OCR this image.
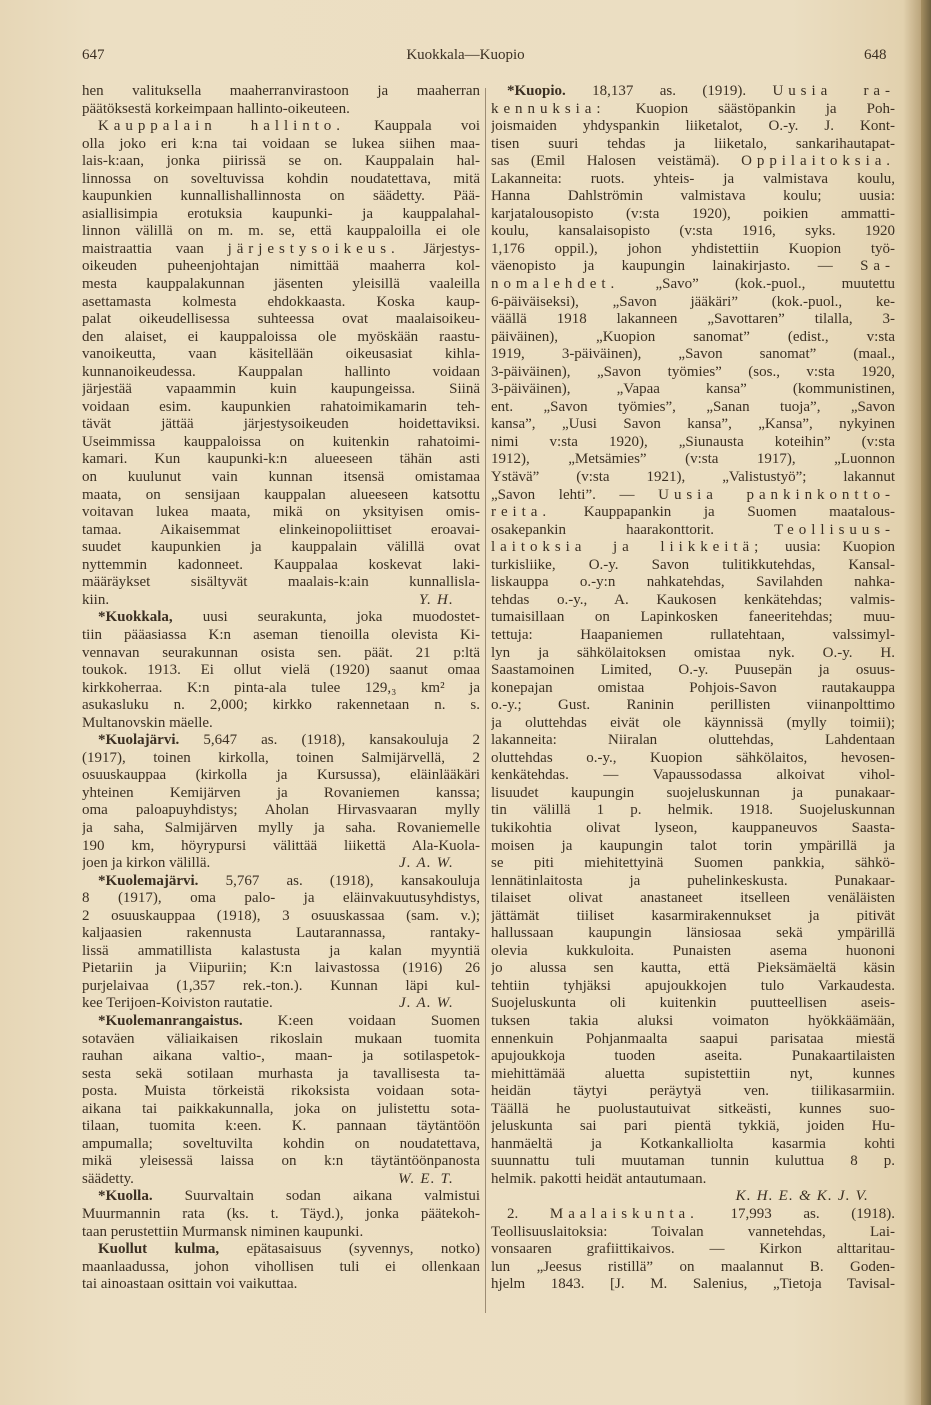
647	Kuokkala—Kuopio	648
hen valituksella maaherranvirastoon ja maaherran
päätöksestä korkeimpaan hallinto-oikeuteen.
Kauppalain hallinto. Kauppala voi
olla joko eri k:na tai voidaan se lukea siihen maa-
lais-k:aan, jonka piirissä se on. Kauppalain hal-
linnossa on soveltuvissa kohdin noudatettava, mitä
kaupunkien kunnallishallinnosta on säädetty. Pää-
asiallisimpia erotuksia kaupunki- ja kauppalahal-
linnon välillä on m. m. se, että kauppaloilla ei ole
maistraattia vaan järjestysoikeus. Järjestys-
oikeuden puheenjohtajan nimittää maaherra kol-
mesta kauppalakunnan jäsenten yleisillä vaaleilla
asettamasta kolmesta ehdokkaasta. Koska kaup-
palat oikeudellisessa suhteessa ovat maalaisoikeu-
den alaiset, ei kauppaloissa ole myöskään raastu-
vanoikeutta, vaan käsitellään oikeusasiat kihla-
kunnanoikeudessa. Kauppalan hallinto voidaan
järjestää vapaammin kuin kaupungeissa. Siinä
voidaan esim. kaupunkien rahatoimikamarin teh-
tävät jättää järjestysoikeuden hoidettaviksi.
Useimmissa kauppaloissa on kuitenkin rahatoimi-
kamari. Kun kaupunki-k:n alueeseen tähän asti
on kuulunut vain kunnan itsensä omistamaa
maata, on sensijaan kauppalan alueeseen katsottu
voitavan lukea maata, mikä on yksityisen omis-
tamaa. Aikaisemmat elinkeinopoliittiset eroavai-
suudet kaupunkien ja kauppalain välillä ovat
nyttemmin kadonneet. Kauppalaa koskevat laki-
määräykset sisältyvät maalais-k:ain kunnallisla-
kiin.	Y. H.
*Kuokkala, uusi seurakunta, joka muodostet-
tiin pääasiassa K:n aseman tienoilla olevista Ki-
vennavan seurakunnan osista sen. päät. 21 p:ltä
toukok. 1913. Ei ollut vielä (1920) saanut omaa
kirkkoherraa. K:n pinta-ala tulee 129,₃ km² ja
asukasluku n. 2,000; kirkko rakennetaan n. s.
Multanovskin mäelle.
*Kuolajärvi. 5,647 as. (1918), kansakouluja 2
(1917), toinen kirkolla, toinen Salmijärvellä, 2
osuuskauppaa (kirkolla ja Kursussa), eläinlääkäri
yhteinen Kemijärven ja Rovaniemen kanssa;
oma paloapuyhdistys; Aholan Hirvasvaaran mylly
ja saha, Salmijärven mylly ja saha. Rovaniemelle
190 km, höyrypursi välittää liikettä Ala-Kuola-
joen ja kirkon välillä.	J. A. W.
*Kuolemajärvi. 5,767 as. (1918), kansakouluja
8 (1917), oma palo- ja eläinvakuutusyhdistys,
2 osuuskauppaa (1918), 3 osuuskassaa (sam. v.);
kaljaasien rakennusta Lautarannassa, rantaky-
lissä ammatillista kalastusta ja kalan myyntiä
Pietariin ja Viipuriin; K:n laivastossa (1916) 26
purjelaivaa (1,357 rek.-ton.). Kunnan läpi kul-
kee Terijoen-Koiviston rautatie.	J. A. W.
*Kuolemanrangaistus. K:een voidaan Suomen
sotaväen väliaikaisen rikoslain mukaan tuomita
rauhan aikana valtio-, maan- ja sotilaspetok-
sesta sekä sotilaan murhasta ja tavallisesta ta-
posta. Muista törkeistä rikoksista voidaan sota-
aikana tai paikkakunnalla, joka on julistettu sota-
tilaan, tuomita k:een. K. pannaan täytäntöön
ampumalla; soveltuvilta kohdin on noudatettava,
mikä yleisessä laissa on k:n täytäntöönpanosta
säädetty.	W. E. T.
*Kuolla. Suurvaltain sodan aikana valmistui
Muurmannin rata (ks. t. Täyd.), jonka päätekoh-
taan perustettiin Murmansk niminen kaupunki.
Kuollut kulma, epätasaisuus (syvennys, notko)
maanlaadussa, johon vihollisen tuli ei ollenkaan
tai ainoastaan osittain voi vaikuttaa.
*Kuopio. 18,137 as. (1919). Uusia ra-
kennuksia: Kuopion säästöpankin ja Poh-
joismaiden yhdyspankin liiketalot, O.-y. J. Kont-
tisen suuri tehdas ja liiketalo, sankarihautapat-
sas (Emil Halosen veistämä). Oppilaitoksia.
Lakanneita: ruots. yhteis- ja valmistava koulu,
Hanna Dahlströmin valmistava koulu; uusia:
karjatalousopisto (v:sta 1920), poikien ammatti-
koulu, kansalaisopisto (v:sta 1916, syks. 1920
1,176 oppil.), johon yhdistettiin Kuopion työ-
väenopisto ja kaupungin lainakirjasto. — Sa-
nomalehdet. „Savo” (kok.-puol., muutettu
6-päiväiseksi), „Savon jääkäri” (kok.-puol., ke-
väällä 1918 lakanneen „Savottaren” tilalla, 3-
päiväinen), „Kuopion sanomat” (edist., v:sta
1919, 3-päiväinen), „Savon sanomat” (maal.,
3-päiväinen), „Savon työmies” (sos., v:sta 1920,
3-päiväinen), „Vapaa kansa” (kommunistinen,
ent. „Savon työmies”, „Sanan tuoja”, „Savon
kansa”, „Uusi Savon kansa”, „Kansa”, nykyinen
nimi v:sta 1920), „Siunausta koteihin” (v:sta
1912), „Metsämies” (v:sta 1917), „Luonnon
Ystävä” (v:sta 1921), „Valistustyö”; lakannut
„Savon lehti”. — Uusia pankinkontto-
reita. Kauppapankin ja Suomen maatalous-
osakepankin haarakonttorit. Teollisuus-
laitoksia ja liikkeitä; uusia: Kuopion
turkisliike, O.-y. Savon tulitikkutehdas, Kansal-
liskauppa o.-y:n nahkatehdas, Savilahden nahka-
tehdas o.-y., A. Kaukosen kenkätehdas; valmis-
tumaisillaan on Lapinkosken faneeritehdas; muu-
tettuja: Haapaniemen rullatehtaan, valssimyl-
lyn ja sähkölaitoksen omistaa nyk. O.-y. H.
Saastamoinen Limited, O.-y. Puusepän ja osuus-
konepajan omistaa Pohjois-Savon rautakauppa
o.-y.; Gust. Raninin perillisten viinanpolttimo
ja oluttehdas eivät ole käynnissä (mylly toimii);
lakanneita: Niiralan oluttehdas, Lahdentaan
oluttehdas o.-y., Kuopion sähkölaitos, hevosen-
kenkätehdas. — Vapaussodassa alkoivat vihol-
lisuudet kaupungin suojeluskunnan ja punakaar-
tin välillä 1 p. helmik. 1918. Suojeluskunnan
tukikohtia olivat lyseon, kauppaneuvos Saasta-
moisen ja kaupungin talot torin ympärillä ja
se piti miehitettyinä Suomen pankkia, sähkö-
lennätinlaitosta ja puhelinkeskusta. Punakaar-
tilaiset olivat anastaneet itselleen venäläisten
jättämät tiiliset kasarmirakennukset ja pitivät
hallussaan kaupungin länsiosaa sekä ympärillä
olevia kukkuloita. Punaisten asema huononi
jo alussa sen kautta, että Pieksämäeltä käsin
tehtiin tyhjäksi apujoukkojen tulo Varkaudesta.
Suojeluskunta oli kuitenkin puutteellisen aseis-
tuksen takia aluksi voimaton hyökkäämään,
ennenkuin Pohjanmaalta saapui parisataa miestä
apujoukkoja tuoden aseita. Punakaartilaisten
miehittämää aluetta supistettiin nyt, kunnes
heidän täytyi peräytyä ven. tiilikasarmiin.
Täällä he puolustautuivat sitkeästi, kunnes suo-
jeluskunta sai pari pientä tykkiä, joiden Hu-
hanmäeltä ja Kotkankalliolta kasarmia kohti
suunnattu tuli muutaman tunnin kuluttua 8 p.
helmik. pakotti heidät antautumaan.
K. H. E. & K. J. V.
2. Maalaiskunta. 17,993 as. (1918).
Teollisuuslaitoksia: Toivalan vannetehdas, Lai-
vonsaaren grafiittikaivos. — Kirkon alttaritau-
lun „Jeesus ristillä” on maalannut B. Goden-
hjelm 1843. [J. M. Salenius, „Tietoja Tavisal-
